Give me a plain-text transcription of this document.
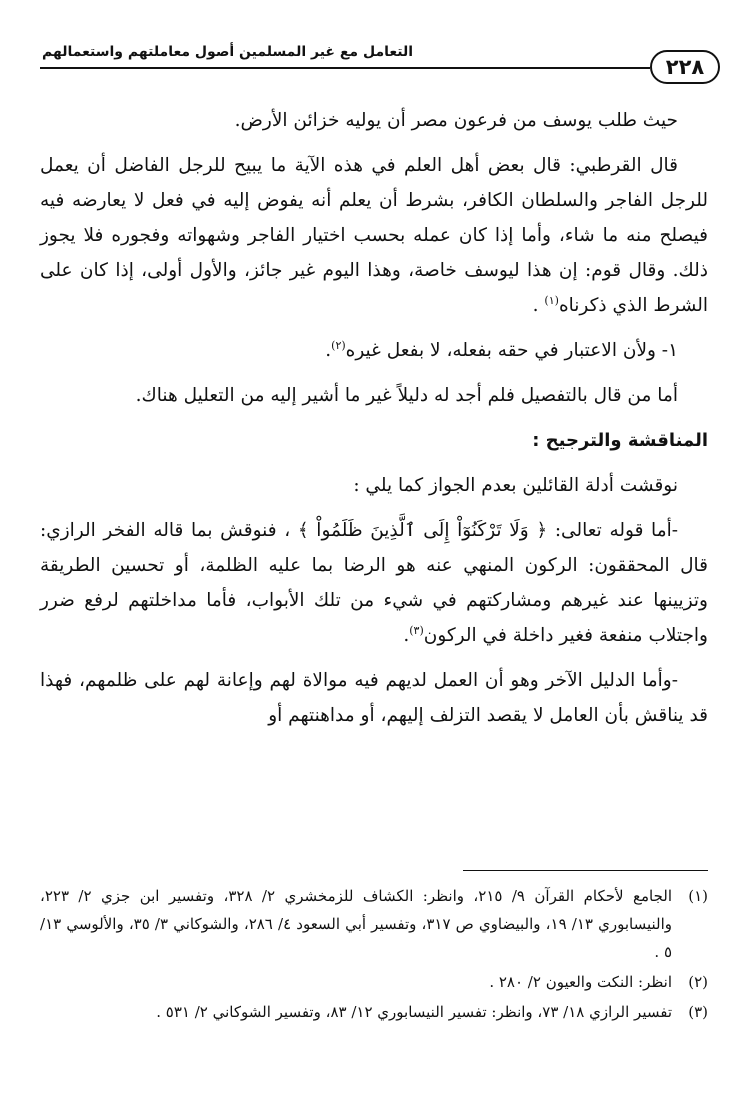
التعامل مع غير المسلمين أصول معاملتهم واستعمالهم
٢٢٨

حيث طلب يوسف من فرعون مصر أن يوليه خزائن الأرض.

قال القرطبي: قال بعض أهل العلم في هذه الآية ما يبيح للرجل الفاضل أن يعمل للرجل الفاجر والسلطان الكافر، بشرط أن يعلم أنه يفوض إليه في فعل لا يعارضه فيه فيصلح منه ما شاء، وأما إذا كان عمله بحسب اختيار الفاجر وشهواته وفجوره فلا يجوز ذلك. وقال قوم: إن هذا ليوسف خاصة، وهذا اليوم غير جائز، والأول أولى، إذا كان على الشرط الذي ذكرناه$^{(١)}$ .

١- ولأن الاعتبار في حقه بفعله، لا بفعل غيره$^{(٢)}$.

أما من قال بالتفصيل فلم أجد له دليلاً غير ما أشير إليه من التعليل هناك.

المناقشة والترجيح :

نوقشت أدلة القائلين بعدم الجواز كما يلي :

-أما قوله تعالى: ﴿ وَلَا تَرْكَنُوٓاْ إِلَى ٱلَّذِينَ ظَلَمُواْ ﴾ ، فنوقش بما قاله الفخر الرازي: قال المحققون: الركون المنهي عنه هو الرضا بما عليه الظلمة، أو تحسين الطريقة وتزيينها عند غيرهم ومشاركتهم في شيء من تلك الأبواب، فأما مداخلتهم لرفع ضرر واجتلاب منفعة فغير داخلة في الركون$^{(٣)}$.

-وأما الدليل الآخر وهو أن العمل لديهم فيه موالاة لهم وإعانة لهم على ظلمهم، فهذا قد يناقش بأن العامل لا يقصد التزلف إليهم، أو مداهنتهم أو

(١)
الجامع لأحكام القرآن ٩/ ٢١٥، وانظر: الكشاف للزمخشري ٢/ ٣٢٨، وتفسير ابن جزي ٢/ ٢٢٣، والنيسابوري ١٣/ ١٩، والبيضاوي ص ٣١٧، وتفسير أبي السعود ٤/ ٢٨٦، والشوكاني ٣/ ٣٥، والألوسي ١٣/ ٥ .
(٢)
انظر: النكت والعيون ٢/ ٢٨٠ .
(٣)
تفسير الرازي ١٨/ ٧٣، وانظر: تفسير النيسابوري ١٢/ ٨٣، وتفسير الشوكاني ٢/ ٥٣١ .
